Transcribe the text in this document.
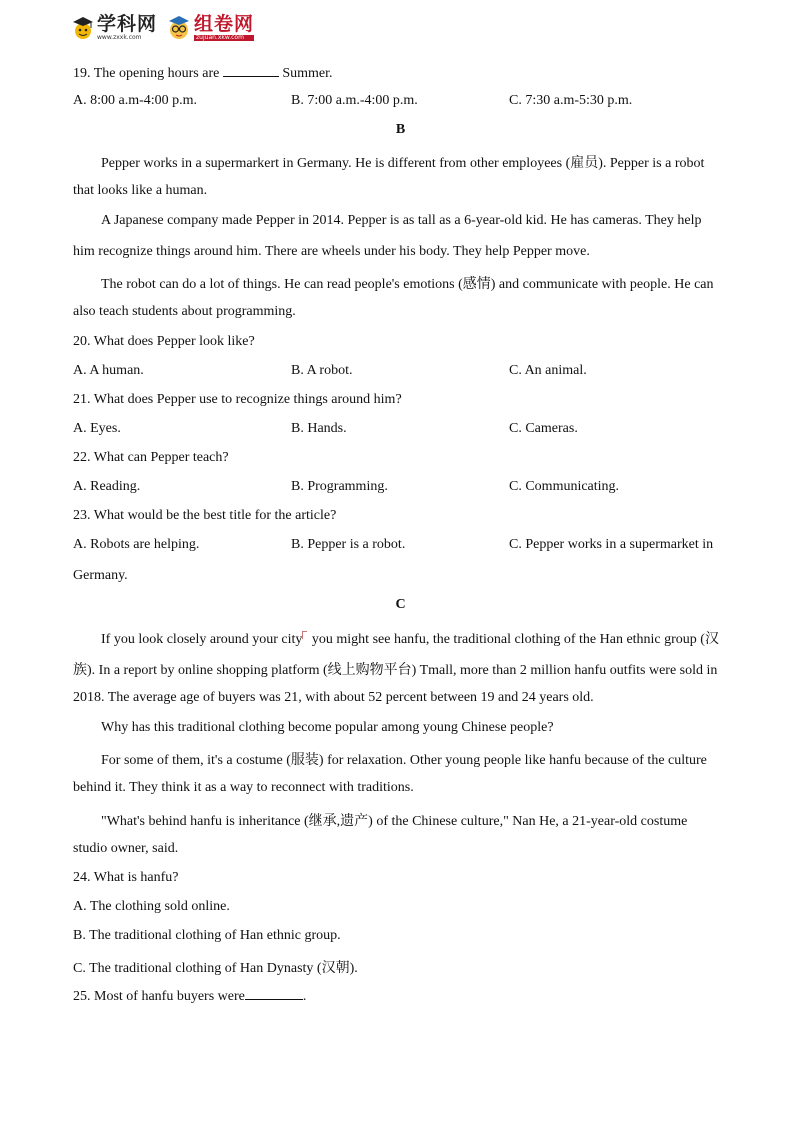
学科网
www.zxxk.com
组卷网
zujuan.xkw.com
19. The opening hours are	Summer.
A. 8:00 a.m-4:00 p.m.	B. 7:00 a.m.-4:00 p.m.	C. 7:30 a.m-5:30 p.m.
B
Pepper works in a supermarkert in Germany. He is different from other employees (雇员). Pepper is a robot
that looks like a human.
A Japanese company made Pepper in 2014. Pepper is as tall as a 6-year-old kid. He has cameras. They help
him recognize things around him. There are wheels under his body. They help Pepper move.
The robot can do a lot of things. He can read people's emotions (感情) and communicate with people. He can
also teach students about programming.
20. What does Pepper look like?
A. A human.	B. A robot.	C. An animal.
21. What does Pepper use to recognize things around him?
A. Eyes.	B. Hands.	C. Cameras.
22. What can Pepper teach?
A. Reading.	B. Programming.	C. Communicating.
23. What would be the best title for the article?
A. Robots are helping.	B. Pepper is a robot.	C. Pepper works in a supermarket in
Germany.
C
If you look closely around your city you might see hanfu, the traditional clothing of the Han ethnic group (汉
族). In a report by online shopping platform (线上购物平台) Tmall, more than 2 million hanfu outfits were sold in
2018. The average age of buyers was 21, with about 52 percent between 19 and 24 years old.
Why has this traditional clothing become popular among young Chinese people?
For some of them, it's a costume (服装) for relaxation. Other young people like hanfu because of the culture
behind it. They think it as a way to reconnect with traditions.
"What's behind hanfu is inheritance (继承,遗产) of the Chinese culture," Nan He, a 21-year-old costume
studio owner, said.
24. What is hanfu?
A. The clothing sold online.
B. The traditional clothing of Han ethnic group.
C. The traditional clothing of Han Dynasty (汉朝).
25. Most of hanfu buyers were	.
